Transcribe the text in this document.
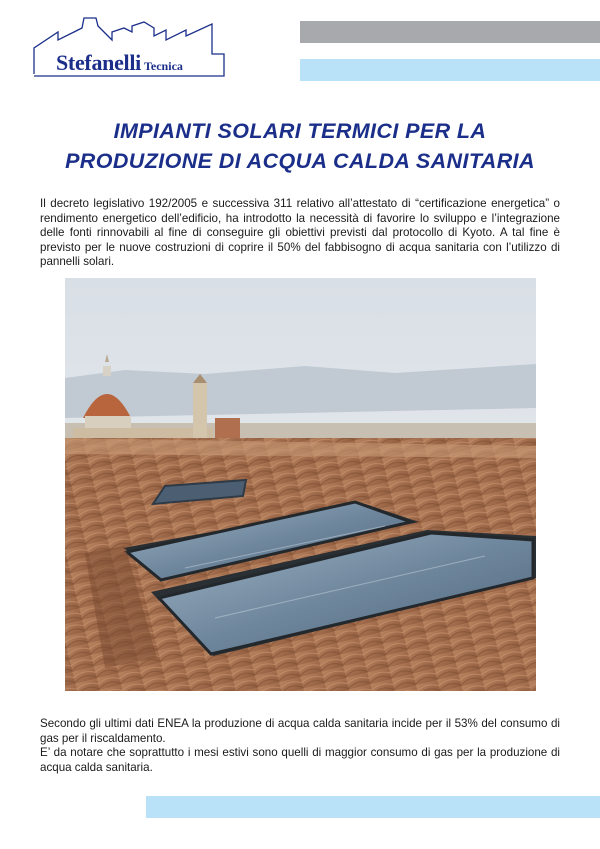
Stefanelli Tecnica
IMPIANTI SOLARI TERMICI PER LA
PRODUZIONE DI ACQUA CALDA SANITARIA

Il decreto legislativo 192/2005 e successiva 311 relativo all’attestato di “certificazione energetica” o rendimento energetico dell’edificio, ha introdotto la necessità di favorire lo sviluppo e l’integrazione delle fonti rinnovabili al fine di conseguire gli obiettivi previsti dal protocollo di Kyoto. A tal fine è previsto per le nuove costruzioni di coprire il 50% del fabbisogno di acqua sanitaria con l’utilizzo di pannelli solari.

Secondo gli ultimi dati ENEA la produzione di acqua calda sanitaria incide per il 53% del consumo di gas per il riscaldamento.
E’ da notare che soprattutto i mesi estivi sono quelli di maggior consumo di gas per la produzione di acqua calda sanitaria.
